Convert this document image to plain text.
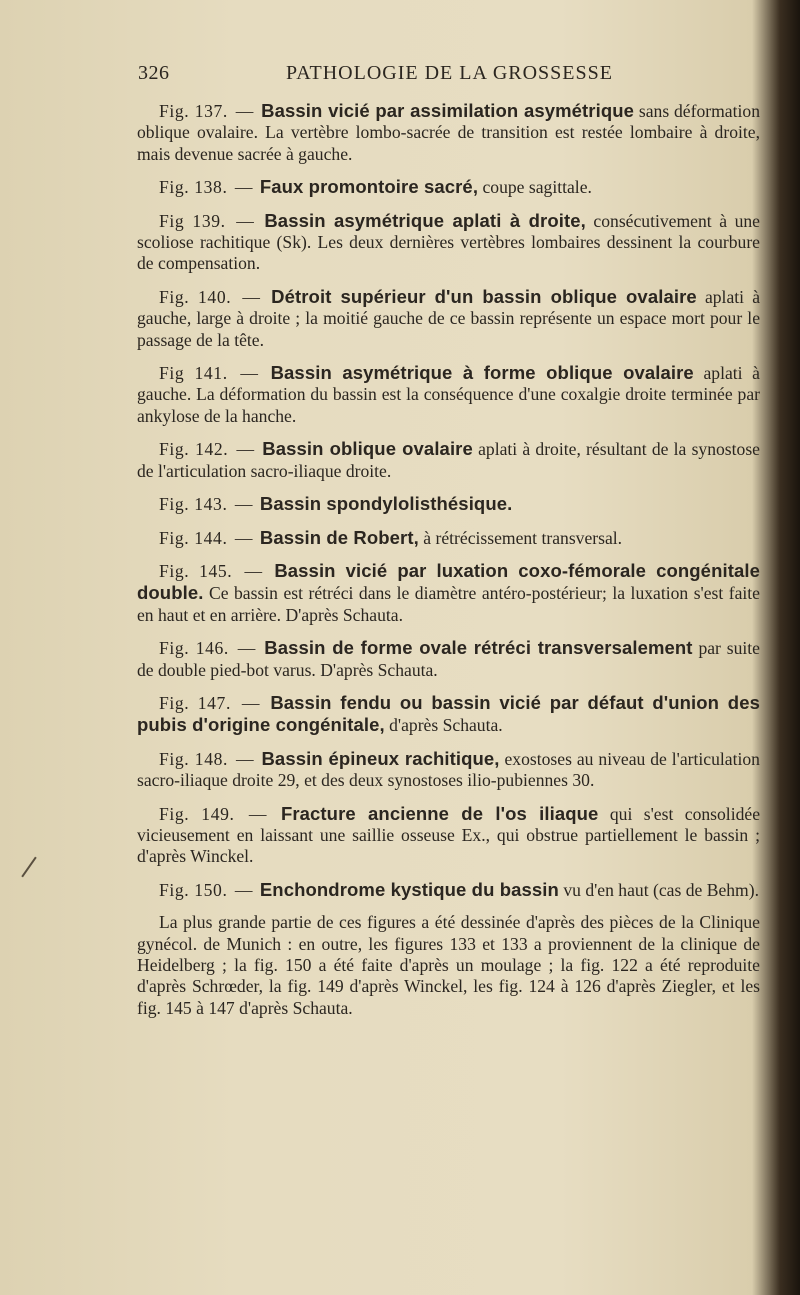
326	PATHOLOGIE DE LA GROSSESSE

Fig. 137. — Bassin vicié par assimilation asymétrique sans déformation oblique ovalaire. La vertèbre lombo-sacrée de transition est restée lombaire à droite, mais devenue sacrée à gauche.

Fig. 138. — Faux promontoire sacré, coupe sagittale.

Fig 139. — Bassin asymétrique aplati à droite, consécutivement à une scoliose rachitique (Sk). Les deux dernières vertèbres lombaires dessinent la courbure de compensation.

Fig. 140. — Détroit supérieur d'un bassin oblique ovalaire aplati à gauche, large à droite ; la moitié gauche de ce bassin représente un espace mort pour le passage de la tête.

Fig 141. — Bassin asymétrique à forme oblique ovalaire aplati à gauche. La déformation du bassin est la conséquence d'une coxalgie droite terminée par ankylose de la hanche.

Fig. 142. — Bassin oblique ovalaire aplati à droite, résultant de la synostose de l'articulation sacro-iliaque droite.

Fig. 143. — Bassin spondylolisthésique.

Fig. 144. — Bassin de Robert, à rétrécissement transversal.

Fig. 145. — Bassin vicié par luxation coxo-fémorale congénitale double. Ce bassin est rétréci dans le diamètre antéro-postérieur; la luxation s'est faite en haut et en arrière. D'après Schauta.

Fig. 146. — Bassin de forme ovale rétréci transversalement par suite de double pied-bot varus. D'après Schauta.

Fig. 147. — Bassin fendu ou bassin vicié par défaut d'union des pubis d'origine congénitale, d'après Schauta.

Fig. 148. — Bassin épineux rachitique, exostoses au niveau de l'articulation sacro-iliaque droite 29, et des deux synostoses ilio-pubiennes 30.

Fig. 149. — Fracture ancienne de l'os iliaque qui s'est consolidée vicieusement en laissant une saillie osseuse Ex., qui obstrue partiellement le bassin ; d'après Winckel.

Fig. 150. — Enchondrome kystique du bassin vu d'en haut (cas de Behm).

La plus grande partie de ces figures a été dessinée d'après des pièces de la Clinique gynécol. de Munich : en outre, les figures 133 et 133 a proviennent de la clinique de Heidelberg ; la fig. 150 a été faite d'après un moulage ; la fig. 122 a été reproduite d'après Schrœder, la fig. 149 d'après Winckel, les fig. 124 à 126 d'après Ziegler, et les fig. 145 à 147 d'après Schauta.
